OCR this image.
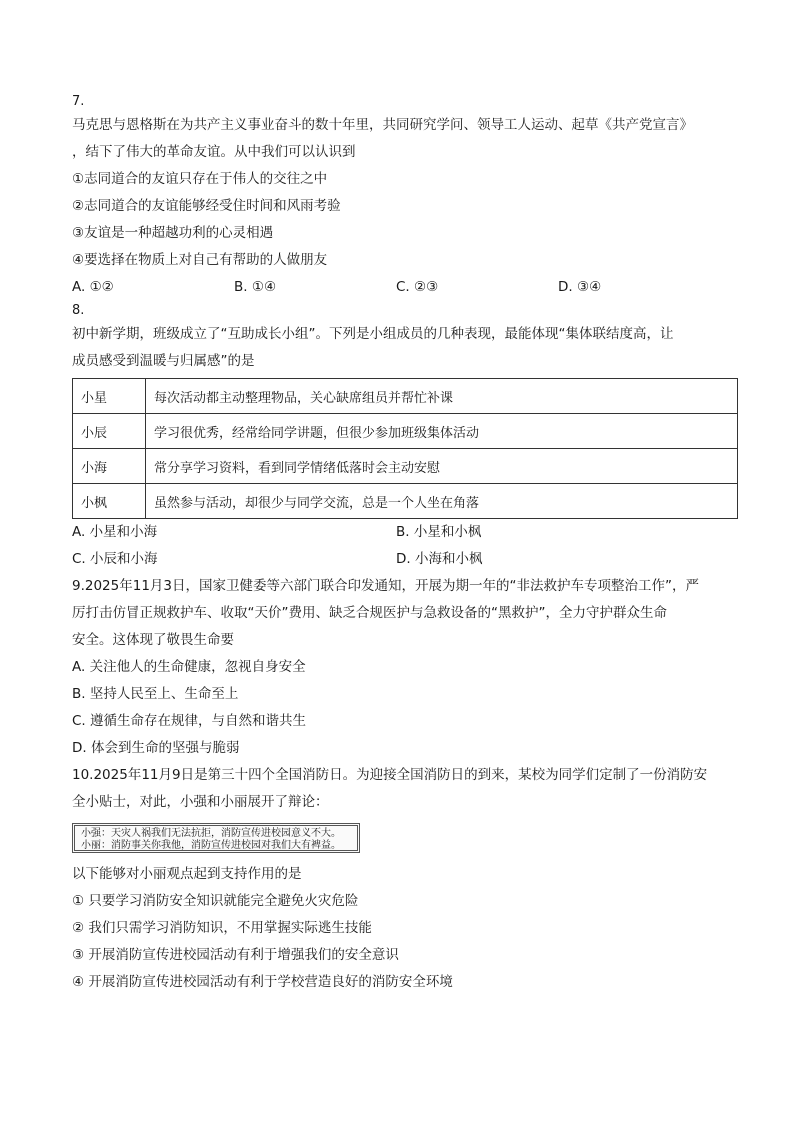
7.
马克思与恩格斯在为共产主义事业奋斗的数十年里，共同研究学问、领导工人运动、起草《共产党宣言》
，结下了伟大的革命友谊。从中我们可以认识到
①志同道合的友谊只存在于伟人的交往之中
②志同道合的友谊能够经受住时间和风雨考验
③友谊是一种超越功利的心灵相遇
④要选择在物质上对自己有帮助的人做朋友
A. ①②	B. ①④	C. ②③	D. ③④
8.
初中新学期，班级成立了“互助成长小组”。下列是小组成员的几种表现，最能体现“集体联结度高，让
成员感受到温暖与归属感”的是
小星	每次活动都主动整理物品，关心缺席组员并帮忙补课
小辰	学习很优秀，经常给同学讲题，但很少参加班级集体活动
小海	常分享学习资料，看到同学情绪低落时会主动安慰
小枫	虽然参与活动，却很少与同学交流，总是一个人坐在角落
A. 小星和小海	B. 小星和小枫
C. 小辰和小海	D. 小海和小枫
9.2025年11月3日，国家卫健委等六部门联合印发通知，开展为期一年的“非法救护车专项整治工作”，严
厉打击仿冒正规救护车、收取“天价”费用、缺乏合规医护与急救设备的“黑救护”，全力守护群众生命
安全。这体现了敬畏生命要
A. 关注他人的生命健康，忽视自身安全
B. 坚持人民至上、生命至上
C. 遵循生命存在规律，与自然和谐共生
D. 体会到生命的坚强与脆弱
10.2025年11月9日是第三十四个全国消防日。为迎接全国消防日的到来，某校为同学们定制了一份消防安
全小贴士，对此，小强和小丽展开了辩论：
小强：天灾人祸我们无法抗拒，消防宣传进校园意义不大。
小丽：消防事关你我他，消防宣传进校园对我们大有裨益。
以下能够对小丽观点起到支持作用的是
① 只要学习消防安全知识就能完全避免火灾危险
② 我们只需学习消防知识，不用掌握实际逃生技能
③ 开展消防宣传进校园活动有利于增强我们的安全意识
④ 开展消防宣传进校园活动有利于学校营造良好的消防安全环境
